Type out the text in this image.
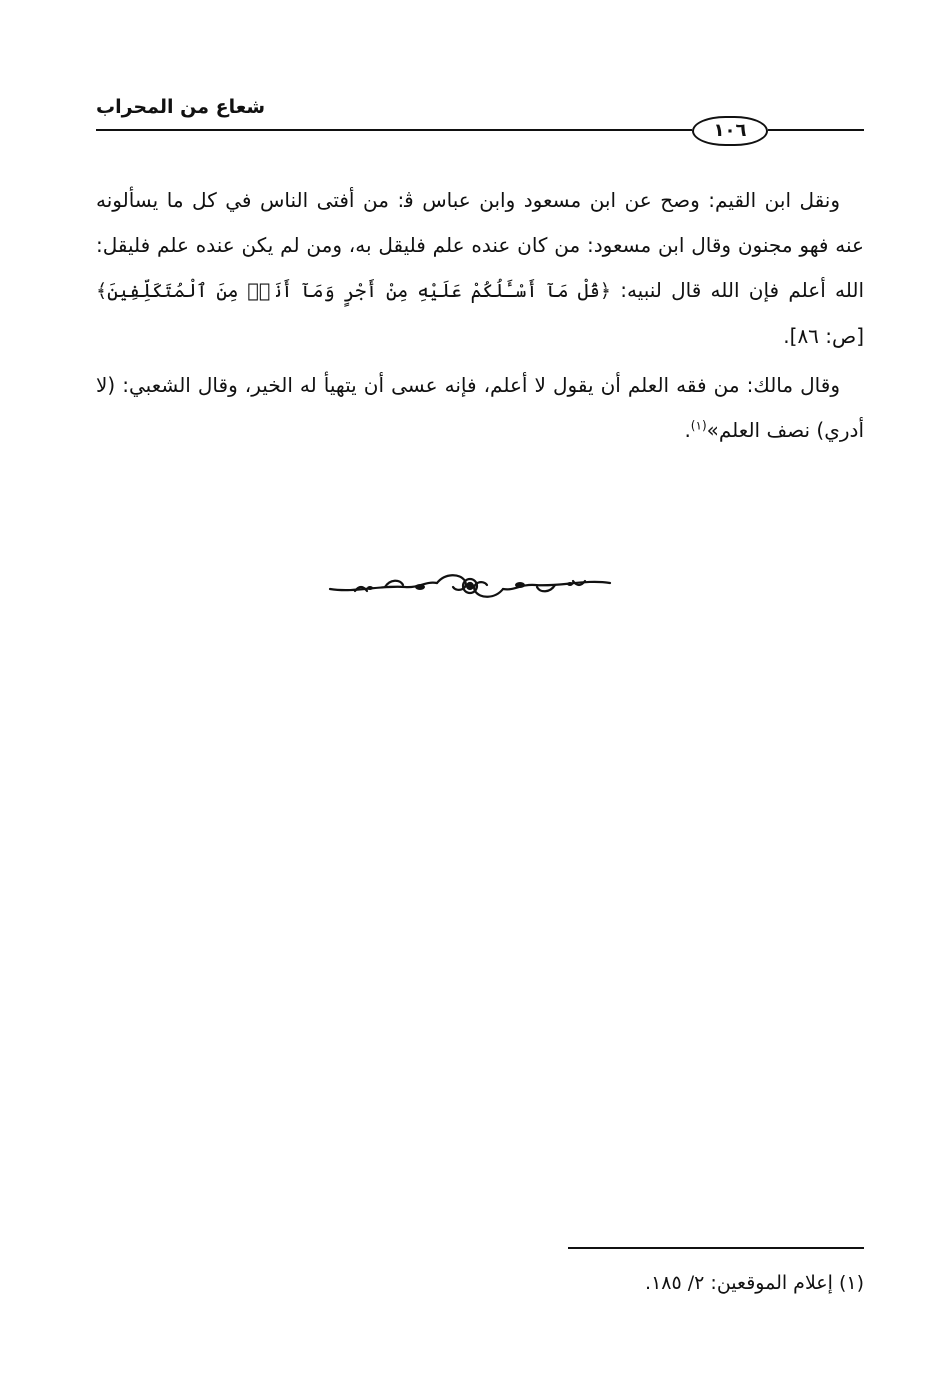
شعاع من المحراب
١٠٦

ونقل ابن القيم: وصح عن ابن مسعود وابن عباس ﭬ: من أفتى الناس في كل ما يسألونه عنه فهو مجنون وقال ابن مسعود: من كان عنده علم فليقل به، ومن لم يكن عنده علم فليقل: الله أعلم فإن الله قال لنبيه: ﴿قُلْ مَآ أَسْـَٔلُكُمْ عَلَيْهِ مِنْ أَجْرٍ وَمَآ أَنَا۠ مِنَ ٱلْمُتَكَلِّفِينَ﴾ [ص: ٨٦].

وقال مالك: من فقه العلم أن يقول لا أعلم، فإنه عسى أن يتهيأ له الخير، وقال الشعبي: (لا أدري) نصف العلم»$^{(١)}$.

(١) إعلام الموقعين: ٢/ ١٨٥.
